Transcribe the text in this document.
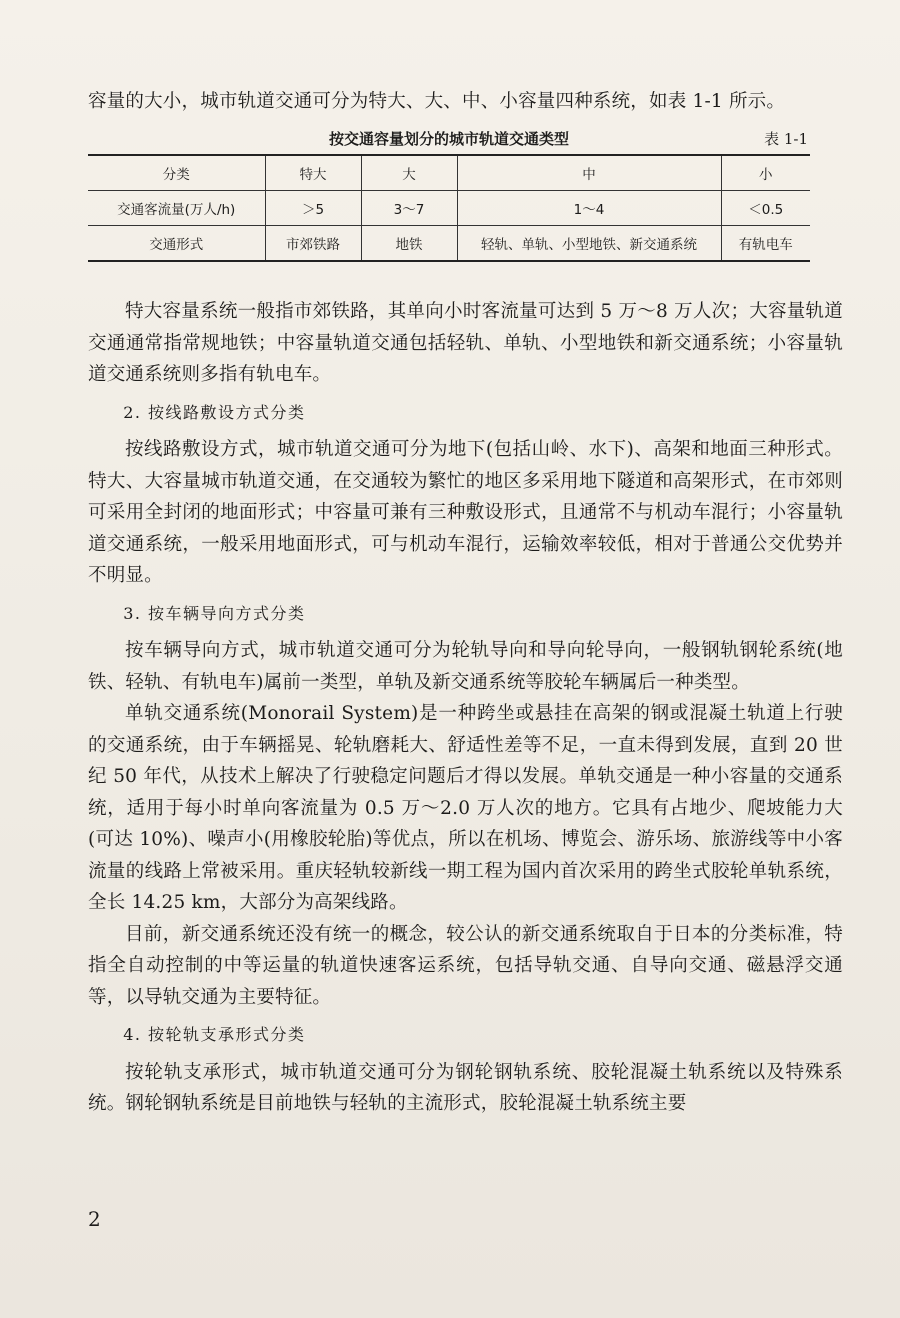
容量的大小，城市轨道交通可分为特大、大、中、小容量四种系统，如表 1-1 所示。

按交通容量划分的城市轨道交通类型	表 1-1
分类	特大	大	中	小
交通客流量(万人/h)	＞5	3～7	1～4	＜0.5
交通形式	市郊铁路	地铁	轻轨、单轨、小型地铁、新交通系统	有轨电车

特大容量系统一般指市郊铁路，其单向小时客流量可达到 5 万～8 万人次；大容量轨道交通通常指常规地铁；中容量轨道交通包括轻轨、单轨、小型地铁和新交通系统；小容量轨道交通系统则多指有轨电车。

2. 按线路敷设方式分类

按线路敷设方式，城市轨道交通可分为地下(包括山岭、水下)、高架和地面三种形式。特大、大容量城市轨道交通，在交通较为繁忙的地区多采用地下隧道和高架形式，在市郊则可采用全封闭的地面形式；中容量可兼有三种敷设形式，且通常不与机动车混行；小容量轨道交通系统，一般采用地面形式，可与机动车混行，运输效率较低，相对于普通公交优势并不明显。

3. 按车辆导向方式分类

按车辆导向方式，城市轨道交通可分为轮轨导向和导向轮导向，一般钢轨钢轮系统(地铁、轻轨、有轨电车)属前一类型，单轨及新交通系统等胶轮车辆属后一种类型。

单轨交通系统(Monorail System)是一种跨坐或悬挂在高架的钢或混凝土轨道上行驶的交通系统，由于车辆摇晃、轮轨磨耗大、舒适性差等不足，一直未得到发展，直到 20 世纪 50 年代，从技术上解决了行驶稳定问题后才得以发展。单轨交通是一种小容量的交通系统，适用于每小时单向客流量为 0.5 万～2.0 万人次的地方。它具有占地少、爬坡能力大(可达 10%)、噪声小(用橡胶轮胎)等优点，所以在机场、博览会、游乐场、旅游线等中小客流量的线路上常被采用。重庆轻轨较新线一期工程为国内首次采用的跨坐式胶轮单轨系统，全长 14.25 km，大部分为高架线路。

目前，新交通系统还没有统一的概念，较公认的新交通系统取自于日本的分类标准，特指全自动控制的中等运量的轨道快速客运系统，包括导轨交通、自导向交通、磁悬浮交通等，以导轨交通为主要特征。

4. 按轮轨支承形式分类

按轮轨支承形式，城市轨道交通可分为钢轮钢轨系统、胶轮混凝土轨系统以及特殊系统。钢轮钢轨系统是目前地铁与轻轨的主流形式，胶轮混凝土轨系统主要

2
